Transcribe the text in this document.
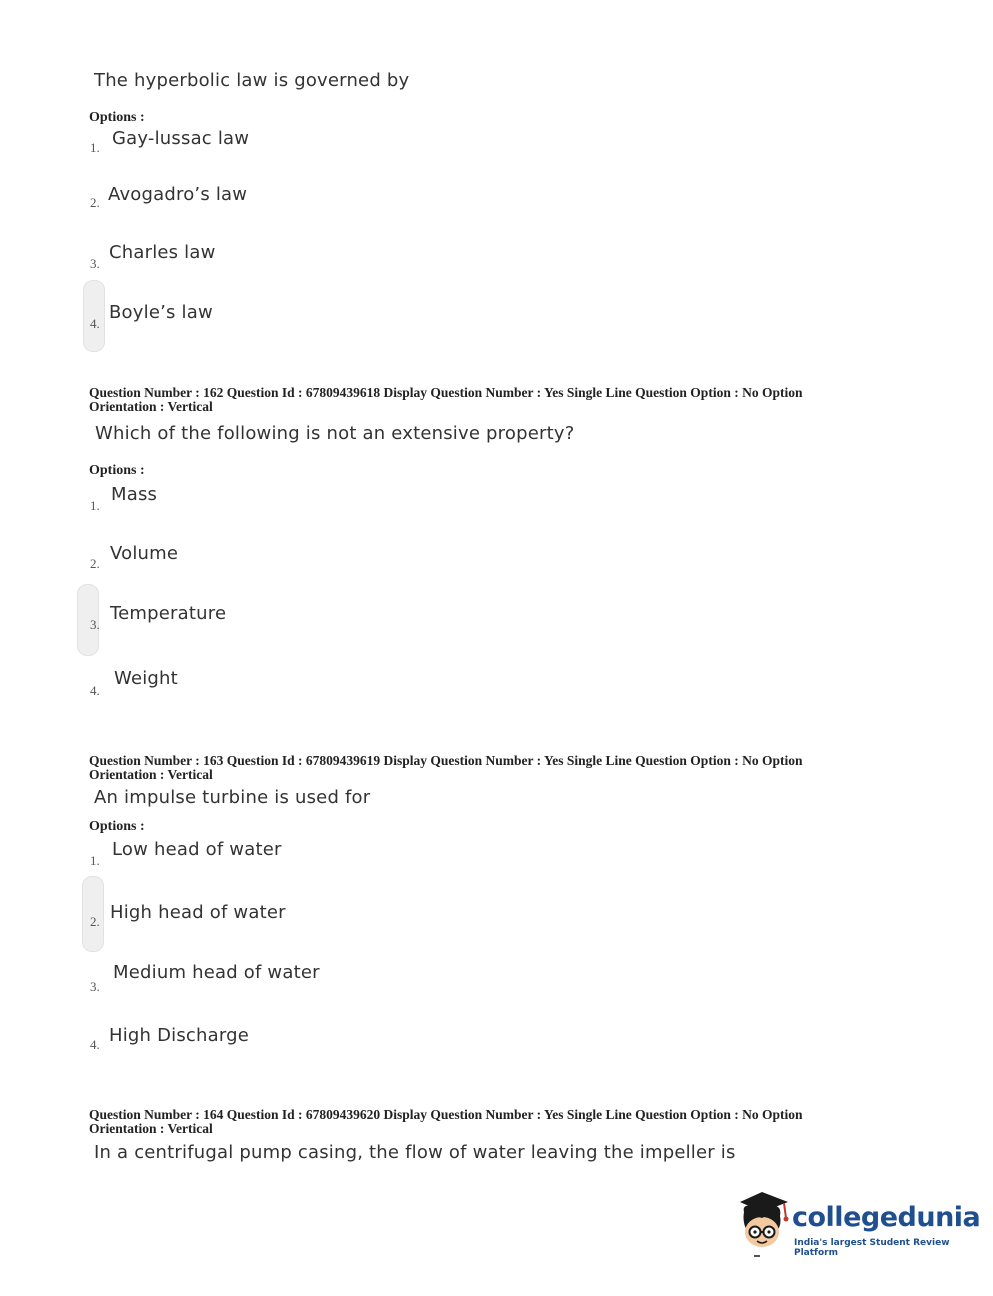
The hyperbolic law is governed by
Options :
1. Gay-lussac law
2. Avogadro’s law
3.
Charles law
4.
Boyle’s law
Question Number : 162 Question Id : 67809439618 Display Question Number : Yes Single Line Question Option : No Option
Orientation : Vertical
Which of the following is not an extensive property?
Options :
1.
Mass
2. Volume
3.
Temperature
4.
Weight
Question Number : 163 Question Id : 67809439619 Display Question Number : Yes Single Line Question Option : No Option
Orientation : Vertical
An impulse turbine is used for
Options :
1.
Low head of water
2. High head of water
3.
Medium head of water
4. High Discharge
Question Number : 164 Question Id : 67809439620 Display Question Number : Yes Single Line Question Option : No Option
Orientation : Vertical
In a centrifugal pump casing, the flow of water leaving the impeller is
collegedunia
India's largest Student Review Platform
